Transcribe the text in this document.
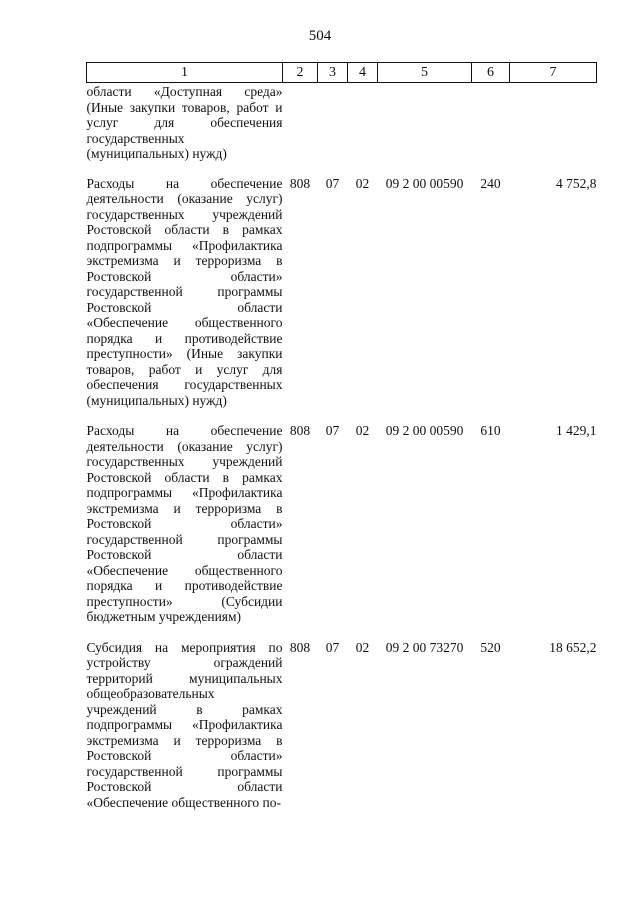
504
1	2	3	4	5	6	7
области «Доступная среда» (Иные закупки товаров, работ и услуг для обеспечения государственных (муниципальных) нужд)						
Расходы на обеспечение деятельности (оказание услуг) государственных учреждений Ростовской области в рамках подпрограммы «Профилактика экстремизма и терроризма в Ростовской области» государственной программы Ростовской области «Обеспечение общественного порядка и противодействие преступности» (Иные закупки товаров, работ и услуг для обеспечения государственных (муниципальных) нужд)	808	07	02	09 2 00 00590	240	4 752,8
Расходы на обеспечение деятельности (оказание услуг) государственных учреждений Ростовской области в рамках подпрограммы «Профилактика экстремизма и терроризма в Ростовской области» государственной программы Ростовской области «Обеспечение общественного порядка и противодействие преступности» (Субсидии бюджетным учреждениям)	808	07	02	09 2 00 00590	610	1 429,1
Субсидия на мероприятия по устройству ограждений территорий муниципальных общеобразовательных учреждений в рамках подпрограммы «Профилактика экстремизма и терроризма в Ростовской области» государственной программы Ростовской области «Обеспечение общественного по-	808	07	02	09 2 00 73270	520	18 652,2
